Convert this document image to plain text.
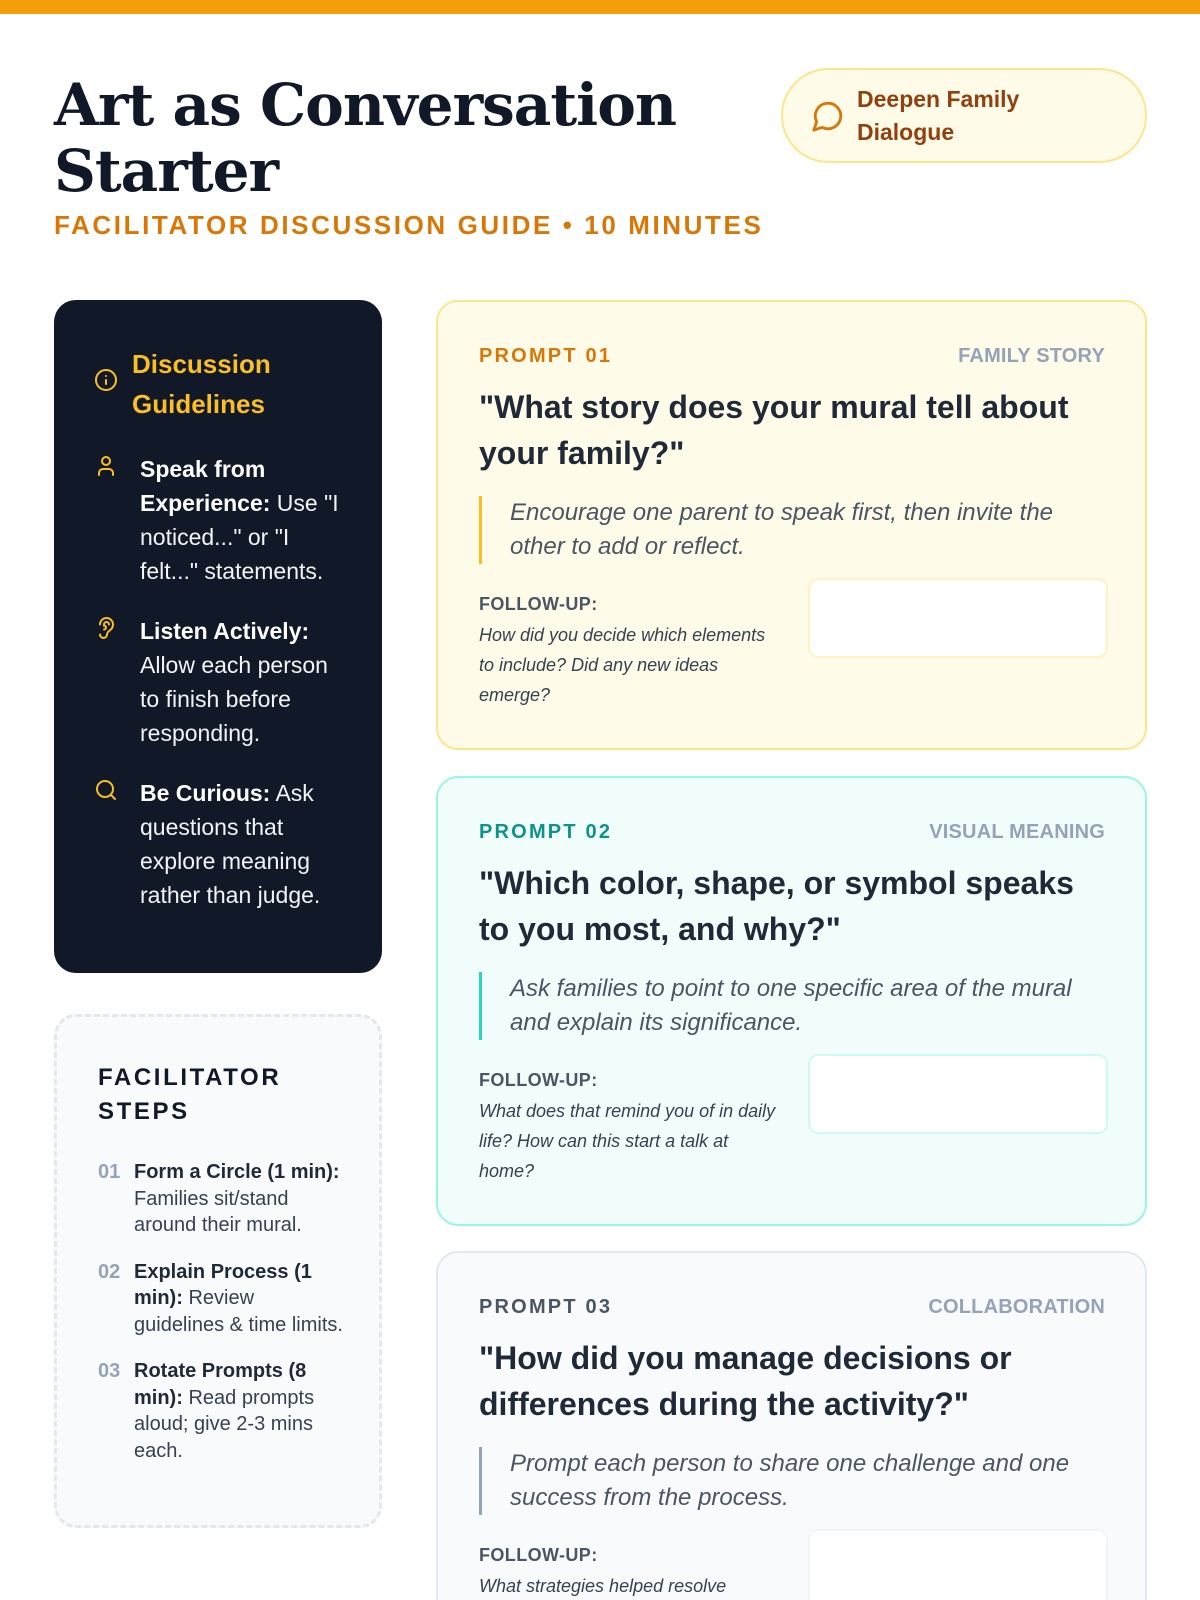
Art as Conversation Starter
FACILITATOR DISCUSSION GUIDE • 10 MINUTES
Deepen Family Dialogue
Discussion Guidelines
Speak from Experience: Use "I noticed..." or "I felt..." statements.
Listen Actively: Allow each person to finish before responding.
Be Curious: Ask questions that explore meaning rather than judge.
FACILITATOR STEPS
01 Form a Circle (1 min): Families sit/stand around their mural.
02 Explain Process (1 min): Review guidelines & time limits.
03 Rotate Prompts (8 min): Read prompts aloud; give 2-3 mins each.
PROMPT 01	FAMILY STORY
"What story does your mural tell about your family?"
Encourage one parent to speak first, then invite the other to add or reflect.
FOLLOW-UP:
How did you decide which elements to include? Did any new ideas emerge?
PROMPT 02	VISUAL MEANING
"Which color, shape, or symbol speaks to you most, and why?"
Ask families to point to one specific area of the mural and explain its significance.
FOLLOW-UP:
What does that remind you of in daily life? How can this start a talk at home?
PROMPT 03	COLLABORATION
"How did you manage decisions or differences during the activity?"
Prompt each person to share one challenge and one success from the process.
FOLLOW-UP:
What strategies helped resolve
